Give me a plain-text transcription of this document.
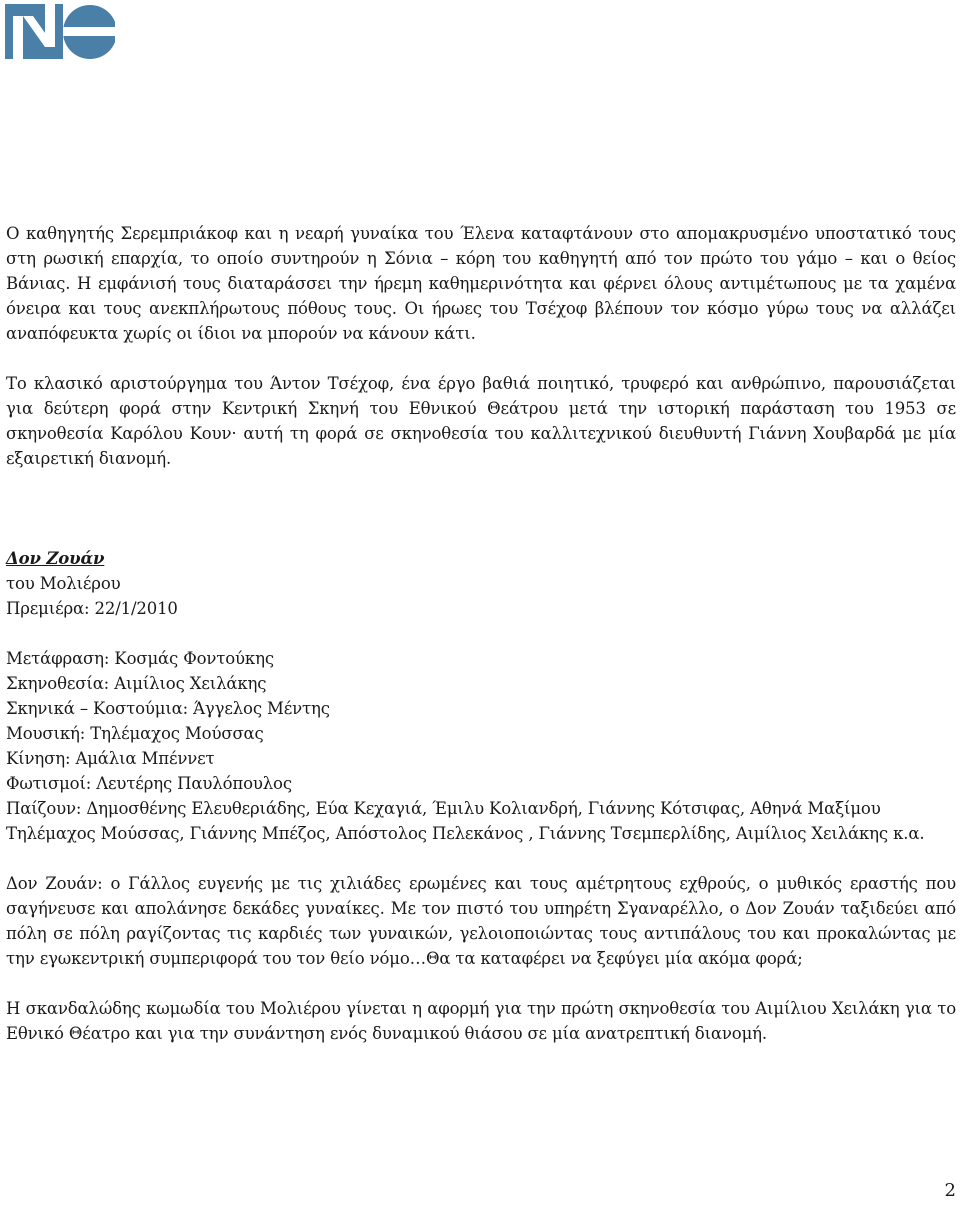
Ο καθηγητής Σερεμπριάκοφ και η νεαρή γυναίκα του Έλενα καταφτάνουν στο απομακρυσμένο υποστατικό τους στη ρωσική επαρχία, το οποίο συντηρούν η Σόνια – κόρη του καθηγητή από τον πρώτο του γάμο – και ο θείος Βάνιας. Η εμφάνισή τους διαταράσσει την ήρεμη καθημερινότητα και φέρνει όλους αντιμέτωπους με τα χαμένα όνειρα και τους ανεκπλήρωτους πόθους τους. Οι ήρωες του Τσέχοφ βλέπουν τον κόσμο γύρω τους να αλλάζει αναπόφευκτα χωρίς οι ίδιοι να μπορούν να κάνουν κάτι.

Το κλασικό αριστούργημα του Άντον Τσέχοφ, ένα έργο βαθιά ποιητικό, τρυφερό και ανθρώπινο, παρουσιάζεται για δεύτερη φορά στην Κεντρική Σκηνή του Εθνικού Θεάτρου μετά την ιστορική παράσταση του 1953 σε σκηνοθεσία Καρόλου Κουν· αυτή τη φορά σε σκηνοθεσία του καλλιτεχνικού διευθυντή Γιάννη Χουβαρδά με μία εξαιρετική διανομή.

Δον Ζουάν

του Μολιέρου

Πρεμιέρα: 22/1/2010

Μετάφραση: Κοσμάς Φοντούκης

Σκηνοθεσία: Αιμίλιος Χειλάκης

Σκηνικά – Κοστούμια: Άγγελος Μέντης

Μουσική: Τηλέμαχος Μούσσας

Κίνηση: Αμάλια Μπέννετ

Φωτισμοί: Λευτέρης Παυλόπουλος

Παίζουν: Δημοσθένης Ελευθεριάδης, Εύα Κεχαγιά, Έμιλυ Κολιανδρή, Γιάννης Κότσιφας, Αθηνά Μαξίμου Τηλέμαχος Μούσσας, Γιάννης Μπέζος, Απόστολος Πελεκάνος , Γιάννης Τσεμπερλίδης, Αιμίλιος Χειλάκης κ.α.

Δον Ζουάν: ο Γάλλος ευγενής με τις χιλιάδες ερωμένες και τους αμέτρητους εχθρούς, ο μυθικός εραστής που σαγήνευσε και απολάνησε δεκάδες γυναίκες. Με τον πιστό του υπηρέτη Σγαναρέλλο, ο Δον Ζουάν ταξιδεύει από πόλη σε πόλη ραγίζοντας τις καρδιές των γυναικών, γελοιοποιώντας τους αντιπάλους του και προκαλώντας με την εγωκεντρική συμπεριφορά του τον θείο νόμο…Θα τα καταφέρει να ξεφύγει μία ακόμα φορά;

Η σκανδαλώδης κωμωδία του Μολιέρου γίνεται η αφορμή για την πρώτη σκηνοθεσία του Αιμίλιου Χειλάκη για το Εθνικό Θέατρο και για την συνάντηση ενός δυναμικού θιάσου σε μία ανατρεπτική διανομή.

2
